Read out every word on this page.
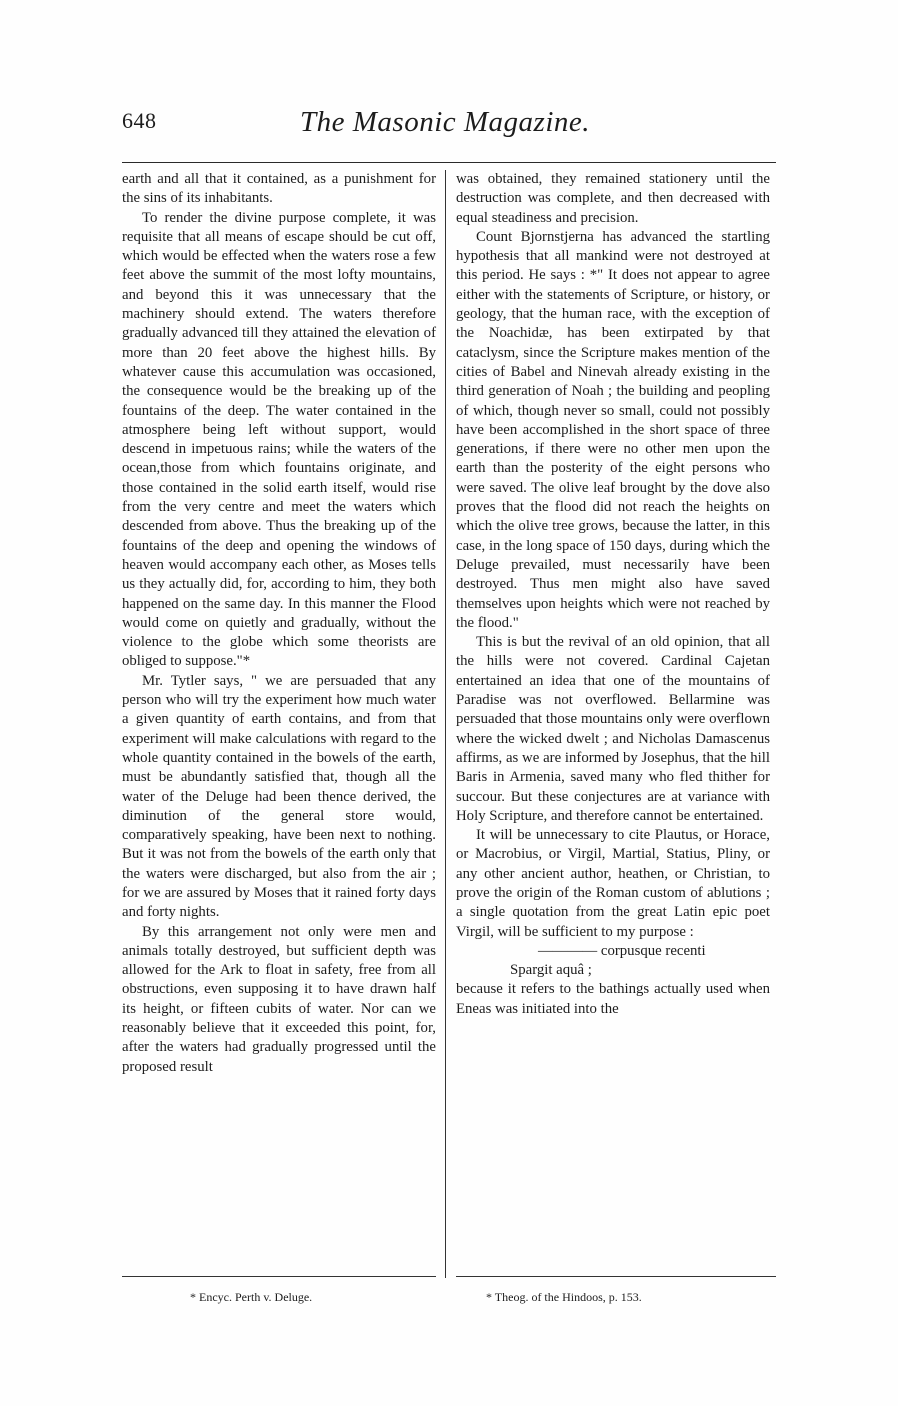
648	The Masonic Magazine.

earth and all that it contained, as a punishment for the sins of its inhabitants.

To render the divine purpose complete, it was requisite that all means of escape should be cut off, which would be effected when the waters rose a few feet above the summit of the most lofty mountains, and beyond this it was unnecessary that the machinery should extend. The waters therefore gradually advanced till they attained the elevation of more than 20 feet above the highest hills. By whatever cause this accumulation was occasioned, the consequence would be the breaking up of the fountains of the deep. The water contained in the atmosphere being left without support, would descend in impetuous rains; while the waters of the ocean,those from which fountains originate, and those contained in the solid earth itself, would rise from the very centre and meet the waters which descended from above. Thus the breaking up of the fountains of the deep and opening the windows of heaven would accompany each other, as Moses tells us they actually did, for, according to him, they both happened on the same day. In this manner the Flood would come on quietly and gradually, without the violence to the globe which some theorists are obliged to suppose."*

Mr. Tytler says, " we are persuaded that any person who will try the experiment how much water a given quantity of earth contains, and from that experiment will make calculations with regard to the whole quantity contained in the bowels of the earth, must be abundantly satisfied that, though all the water of the Deluge had been thence derived, the diminution of the general store would, comparatively speaking, have been next to nothing. But it was not from the bowels of the earth only that the waters were discharged, but also from the air ; for we are assured by Moses that it rained forty days and forty nights.

By this arrangement not only were men and animals totally destroyed, but sufficient depth was allowed for the Ark to float in safety, free from all obstructions, even supposing it to have drawn half its height, or fifteen cubits of water. Nor can we reasonably believe that it exceeded this point, for, after the waters had gradually progressed until the proposed result

was obtained, they remained stationery until the destruction was complete, and then decreased with equal steadiness and precision.

Count Bjornstjerna has advanced the startling hypothesis that all mankind were not destroyed at this period. He says : *" It does not appear to agree either with the statements of Scripture, or history, or geology, that the human race, with the exception of the Noachidæ, has been extirpated by that cataclysm, since the Scripture makes mention of the cities of Babel and Ninevah already existing in the third generation of Noah ; the building and peopling of which, though never so small, could not possibly have been accomplished in the short space of three generations, if there were no other men upon the earth than the posterity of the eight persons who were saved. The olive leaf brought by the dove also proves that the flood did not reach the heights on which the olive tree grows, because the latter, in this case, in the long space of 150 days, during which the Deluge prevailed, must necessarily have been destroyed. Thus men might also have saved themselves upon heights which were not reached by the flood."

This is but the revival of an old opinion, that all the hills were not covered. Cardinal Cajetan entertained an idea that one of the mountains of Paradise was not overflowed. Bellarmine was persuaded that those mountains only were overflown where the wicked dwelt ; and Nicholas Damascenus affirms, as we are informed by Josephus, that the hill Baris in Armenia, saved many who fled thither for succour. But these conjectures are at variance with Holy Scripture, and therefore cannot be entertained.

It will be unnecessary to cite Plautus, or Horace, or Macrobius, or Virgil, Martial, Statius, Pliny, or any other ancient author, heathen, or Christian, to prove the origin of the Roman custom of ablutions ; a single quotation from the great Latin epic poet Virgil, will be sufficient to my purpose :

———— corpusque recenti

Spargit aquâ ;

because it refers to the bathings actually used when Eneas was initiated into the

* Encyc. Perth v. Deluge.	* Theog. of the Hindoos, p. 153.
